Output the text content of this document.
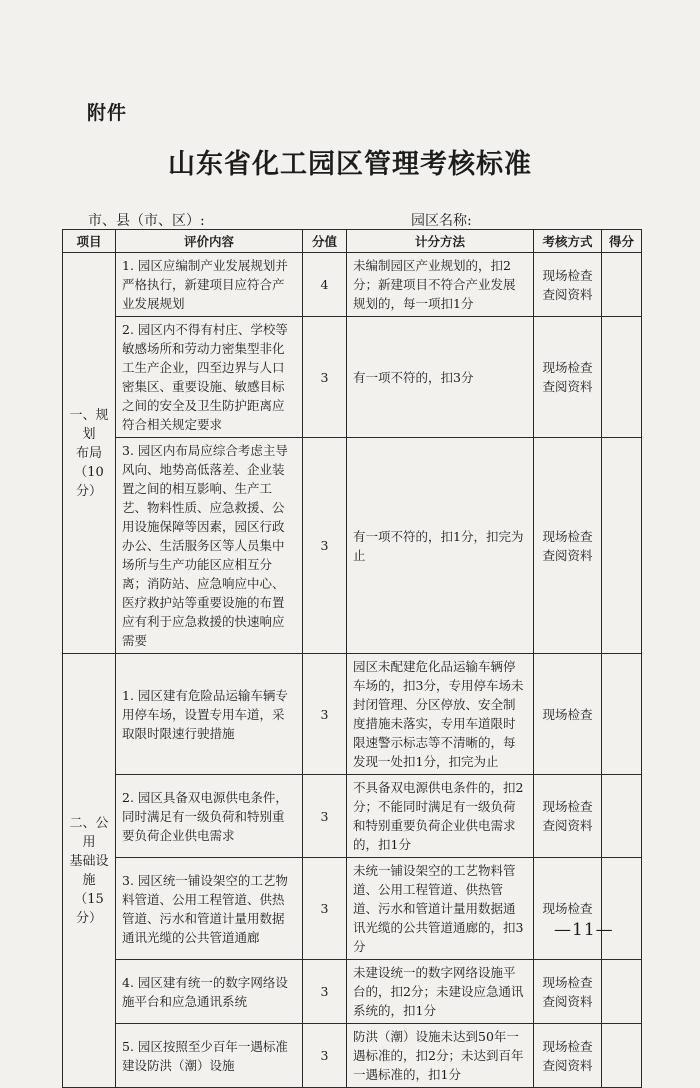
附件
山东省化工园区管理考核标准
市、县（市、区）:	园区名称:
项目	评价内容	分值	计分方法	考核方式	得分

一、规划
布局
（10分）	1. 园区应编制产业发展规划并严格执行，新建项目应符合产业发展规划	4	未编制园区产业规划的，扣2分；新建项目不符合产业发展规划的，每一项扣1分	现场检查查阅资料	
	2. 园区内不得有村庄、学校等敏感场所和劳动力密集型非化工生产企业，四至边界与人口密集区、重要设施、敏感目标之间的安全及卫生防护距离应符合相关规定要求	3	有一项不符的，扣3分	现场检查查阅资料	
	3. 园区内布局应综合考虑主导风向、地势高低落差、企业装置之间的相互影响、生产工艺、物料性质、应急救援、公用设施保障等因素，园区行政办公、生活服务区等人员集中场所与生产功能区应相互分离；消防站、应急响应中心、医疗救护站等重要设施的布置应有利于应急救援的快速响应需要	3	有一项不符的，扣1分，扣完为止	现场检查查阅资料	

二、公用
基础设
施
（15分）	1. 园区建有危险品运输车辆专用停车场，设置专用车道，采取限时限速行驶措施	3	园区未配建危化品运输车辆停车场的，扣3分，专用停车场未封闭管理、分区停放、安全制度措施未落实，专用车道限时限速警示标志等不清晰的，每发现一处扣1分，扣完为止	现场检查	
	2. 园区具备双电源供电条件，同时满足有一级负荷和特别重要负荷企业供电需求	3	不具备双电源供电条件的，扣2分；不能同时满足有一级负荷和特别重要负荷企业供电需求的，扣1分	现场检查查阅资料	
	3. 园区统一铺设架空的工艺物料管道、公用工程管道、供热管道、污水和管道计量用数据通讯光缆的公共管道通廊	3	未统一铺设架空的工艺物料管道、公用工程管道、供热管道、污水和管道计量用数据通讯光缆的公共管道通廊的，扣3分	现场检查	
	4. 园区建有统一的数字网络设施平台和应急通讯系统	3	未建设统一的数字网络设施平台的，扣2分；未建设应急通讯系统的，扣1分	现场检查查阅资料	
	5. 园区按照至少百年一遇标准建设防洪（潮）设施	3	防洪（潮）设施未达到50年一遇标准的，扣2分；未达到百年一遇标准的，扣1分	现场检查查阅资料	
—11—
